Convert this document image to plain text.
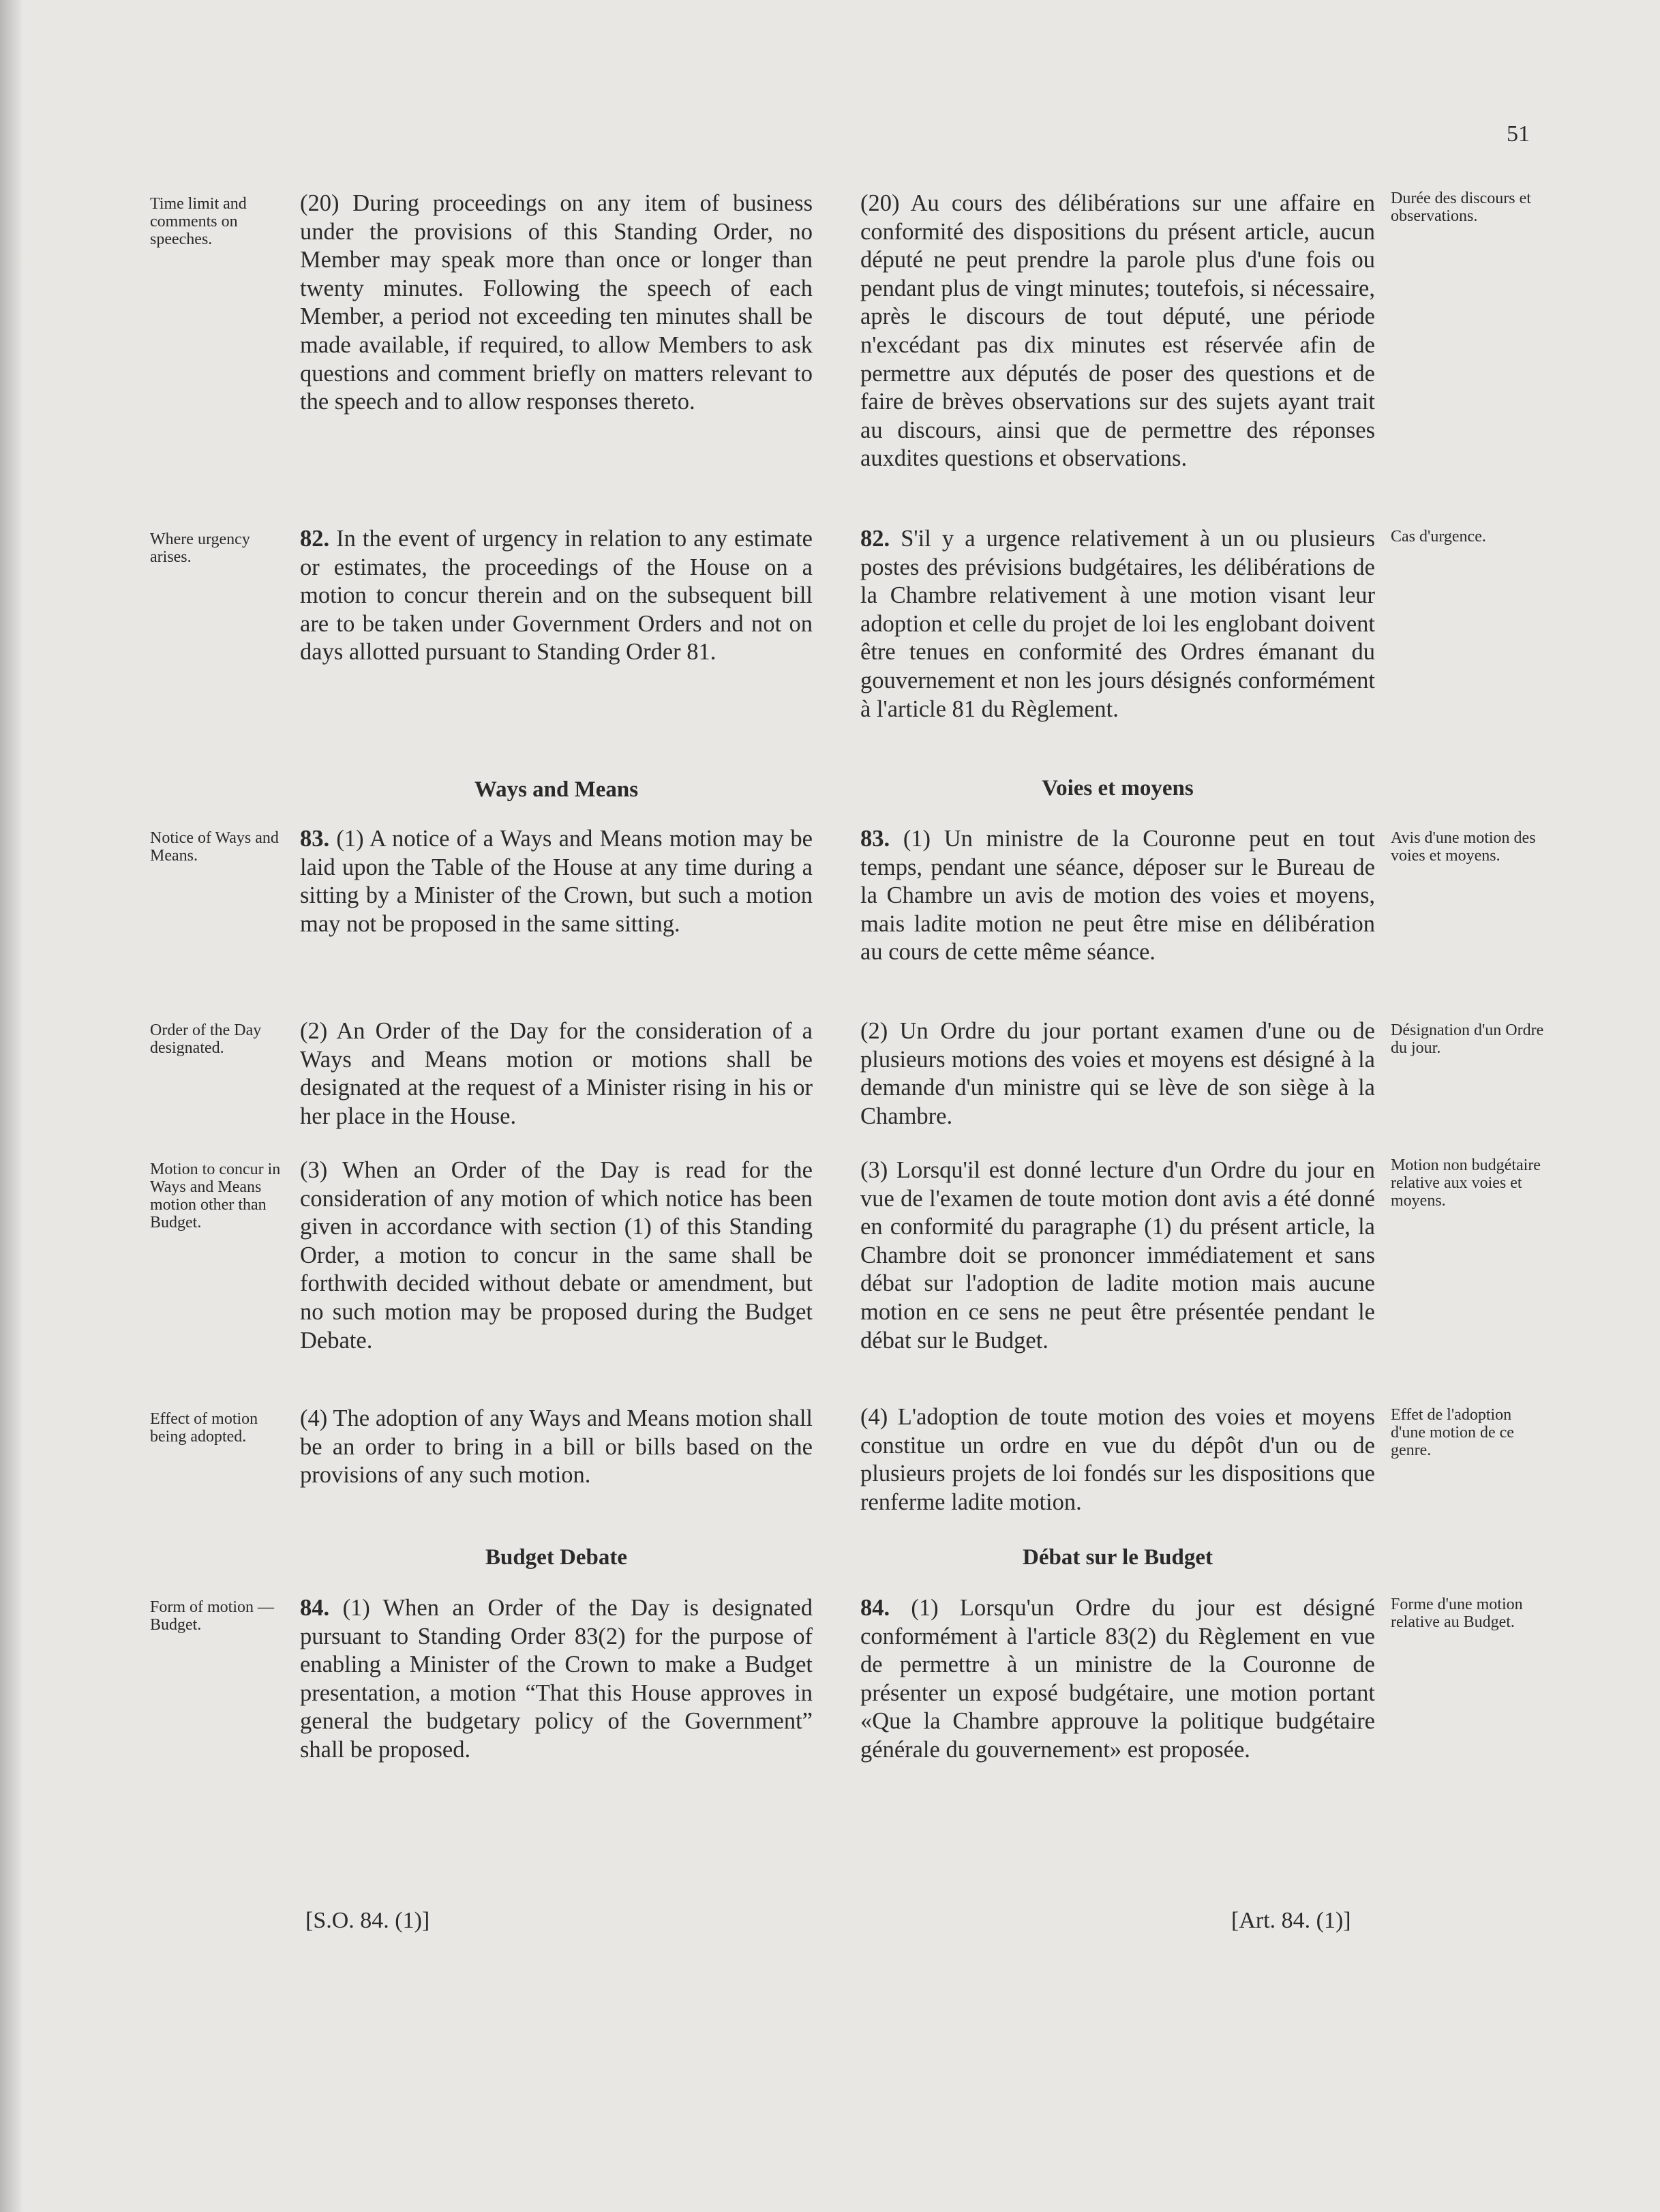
51
Time limit and comments on speeches.
Where urgency arises.
Notice of Ways and Means.
Order of the Day designated.
Motion to concur in Ways and Means motion other than Budget.
Effect of motion being adopted.
Form of motion — Budget.
(20) During proceedings on any item of business under the provisions of this Standing Order, no Member may speak more than once or longer than twenty minutes. Following the speech of each Member, a period not exceeding ten minutes shall be made available, if required, to allow Members to ask questions and comment briefly on matters relevant to the speech and to allow responses thereto.
82. In the event of urgency in relation to any estimate or estimates, the proceedings of the House on a motion to concur therein and on the subsequent bill are to be taken under Government Orders and not on days allotted pursuant to Standing Order 81.
Ways and Means
83. (1) A notice of a Ways and Means motion may be laid upon the Table of the House at any time during a sitting by a Minister of the Crown, but such a motion may not be proposed in the same sitting.
(2) An Order of the Day for the consideration of a Ways and Means motion or motions shall be designated at the request of a Minister rising in his or her place in the House.
(3) When an Order of the Day is read for the consideration of any motion of which notice has been given in accordance with section (1) of this Standing Order, a motion to concur in the same shall be forthwith decided without debate or amendment, but no such motion may be proposed during the Budget Debate.
(4) The adoption of any Ways and Means motion shall be an order to bring in a bill or bills based on the provisions of any such motion.
Budget Debate
84. (1) When an Order of the Day is designated pursuant to Standing Order 83(2) for the purpose of enabling a Minister of the Crown to make a Budget presentation, a motion “That this House approves in general the budgetary policy of the Government” shall be proposed.
(20) Au cours des délibérations sur une affaire en conformité des dispositions du présent article, aucun député ne peut prendre la parole plus d'une fois ou pendant plus de vingt minutes; toutefois, si nécessaire, après le discours de tout député, une période n'excédant pas dix minutes est réservée afin de permettre aux députés de poser des questions et de faire de brèves observations sur des sujets ayant trait au discours, ainsi que de permettre des réponses auxdites questions et observations.
82. S'il y a urgence relativement à un ou plusieurs postes des prévisions budgétaires, les délibérations de la Chambre relativement à une motion visant leur adoption et celle du projet de loi les englobant doivent être tenues en conformité des Ordres émanant du gouvernement et non les jours désignés conformément à l'article 81 du Règlement.
Voies et moyens
83. (1) Un ministre de la Couronne peut en tout temps, pendant une séance, déposer sur le Bureau de la Chambre un avis de motion des voies et moyens, mais ladite motion ne peut être mise en délibération au cours de cette même séance.
(2) Un Ordre du jour portant examen d'une ou de plusieurs motions des voies et moyens est désigné à la demande d'un ministre qui se lève de son siège à la Chambre.
(3) Lorsqu'il est donné lecture d'un Ordre du jour en vue de l'examen de toute motion dont avis a été donné en conformité du paragraphe (1) du présent article, la Chambre doit se prononcer immédiatement et sans débat sur l'adoption de ladite motion mais aucune motion en ce sens ne peut être présentée pendant le débat sur le Budget.
(4) L'adoption de toute motion des voies et moyens constitue un ordre en vue du dépôt d'un ou de plusieurs projets de loi fondés sur les dispositions que renferme ladite motion.
Débat sur le Budget
84. (1) Lorsqu'un Ordre du jour est désigné conformément à l'article 83(2) du Règlement en vue de permettre à un ministre de la Couronne de présenter un exposé budgétaire, une motion portant «Que la Chambre approuve la politique budgétaire générale du gouvernement» est proposée.
Durée des discours et observations.
Cas d'urgence.
Avis d'une motion des voies et moyens.
Désignation d'un Ordre du jour.
Motion non budgétaire relative aux voies et moyens.
Effet de l'adoption d'une motion de ce genre.
Forme d'une motion relative au Budget.
[S.O. 84. (1)]	[Art. 84. (1)]
